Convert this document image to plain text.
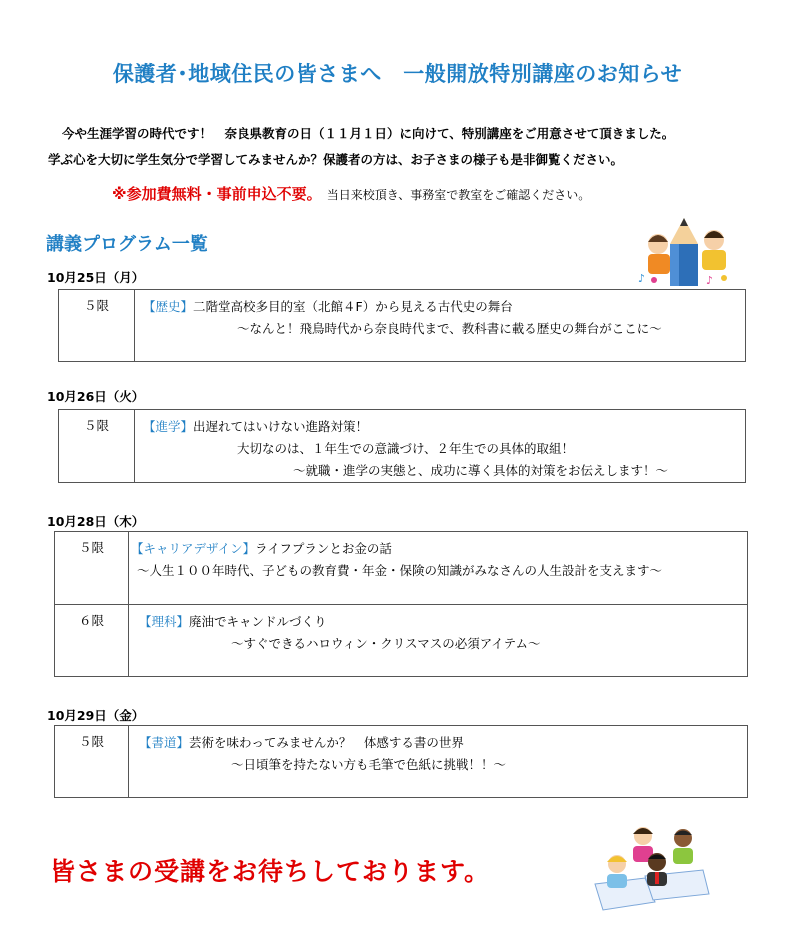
保護者･地域住民の皆さまへ　一般開放特別講座のお知らせ
今や生涯学習の時代です！　奈良県教育の日（１１月１日）に向けて、特別講座をご用意させて頂きました。
学ぶ心を大切に学生気分で学習してみませんか？保護者の方は、お子さまの様子も是非御覧ください。
※参加費無料・事前申込不要。 当日来校頂き、事務室で教室をご確認ください。
講義プログラム一覧
♪	♪
10月25日（月）
５限	【歴史】二階堂高校多目的室（北館４F）から見える古代史の舞台
～なんと！飛鳥時代から奈良時代まで、教科書に載る歴史の舞台がここに～
10月26日（火）
５限	【進学】出遅れてはいけない進路対策！
大切なのは、１年生での意識づけ、２年生での具体的取組！
～就職・進学の実態と、成功に導く具体的対策をお伝えします！～
10月28日（木）
５限	【キャリアデザイン】ライフプランとお金の話
～人生１００年時代、子どもの教育費・年金・保険の知識がみなさんの人生設計を支えます～

６限	【理科】廃油でキャンドルづくり
～すぐできるハロウィン・クリスマスの必須アイテム～
10月29日（金）
５限	【書道】芸術を味わってみませんか？　体感する書の世界
～日頃筆を持たない方も毛筆で色紙に挑戦！！～
皆さまの受講をお待ちしております。
